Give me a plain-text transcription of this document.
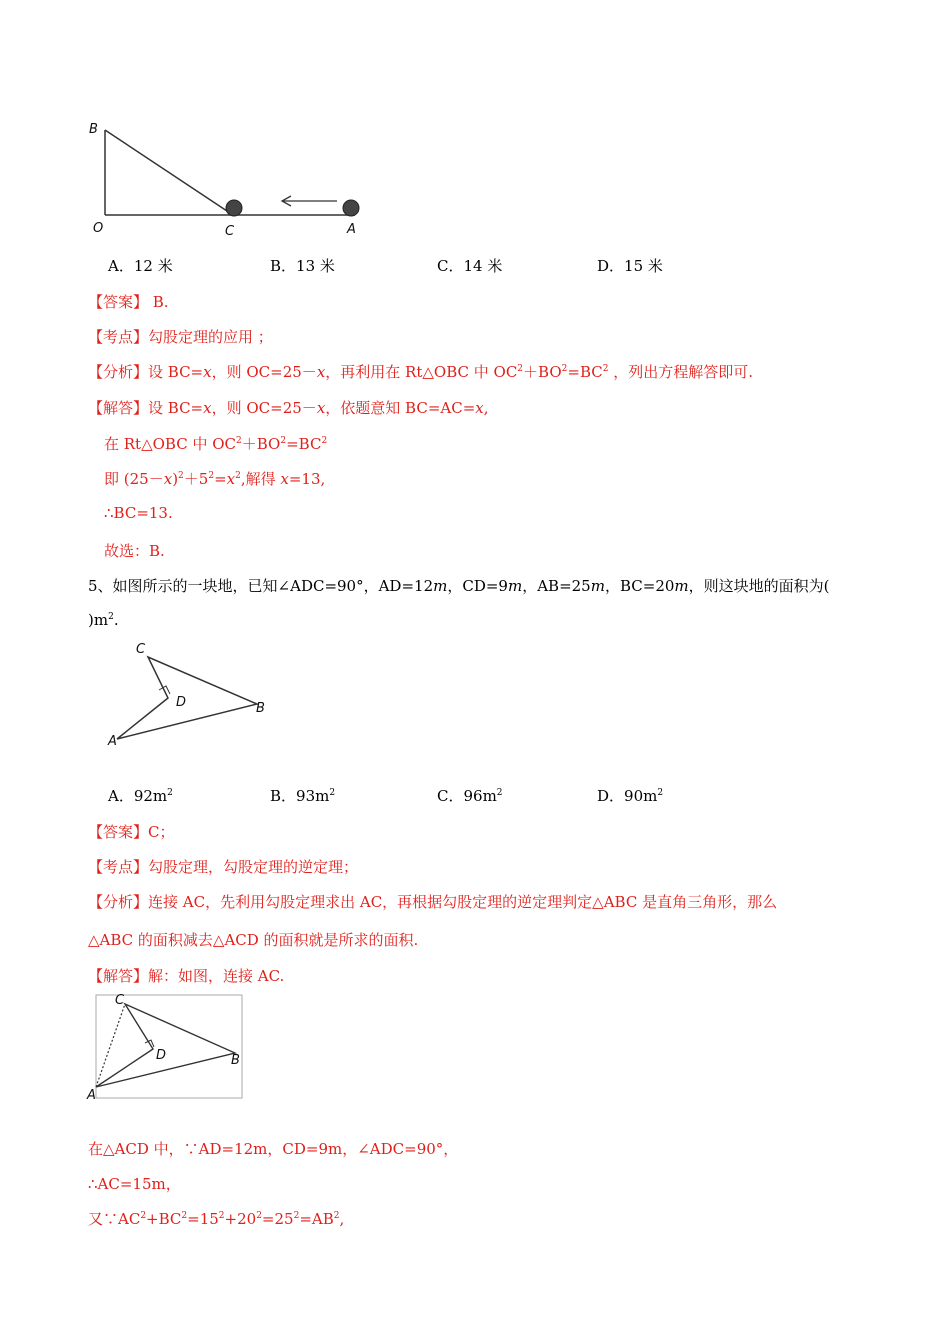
B
O	C	A
A．12 米	B．13 米	C．14 米	D．15 米
【答案】 B.
【考点】勾股定理的应用 ；
【分析】设 BC=x，则 OC=25－x，再利用在 Rt△OBC 中 $OC^2+BO^2=BC^2$ ，列出方程解答即可.
【解答】设 BC=x，则 OC=25－x，依题意知 BC=AC=x,
在 Rt△OBC 中 $OC^2+BO^2=BC^2$
即 $(25-x)^2+5^2=x^2$,解得 x=13,
∴BC=13.
故选：B.
5、如图所示的一块地，已知∠ADC=90°，AD=12m，CD=9m，AB=25m，BC=20m，则这块地的面积为(
)$m^2$.
C
D	B
A
A．$92m^2$	B．$93m^2$	C．$96m^2$	D．$90m^2$
【答案】C；
【考点】勾股定理，勾股定理的逆定理；
【分析】连接 AC，先利用勾股定理求出 AC，再根据勾股定理的逆定理判定△ABC 是直角三角形，那么
△ABC 的面积减去△ACD 的面积就是所求的面积.
【解答】解：如图，连接 AC.
C
D	B
A
在△ACD 中，∵AD=12m，CD=9m，∠ADC=90°，
∴AC=15m，
又$\because AC^2+BC^2=15^2+20^2=25^2=AB^2$,
